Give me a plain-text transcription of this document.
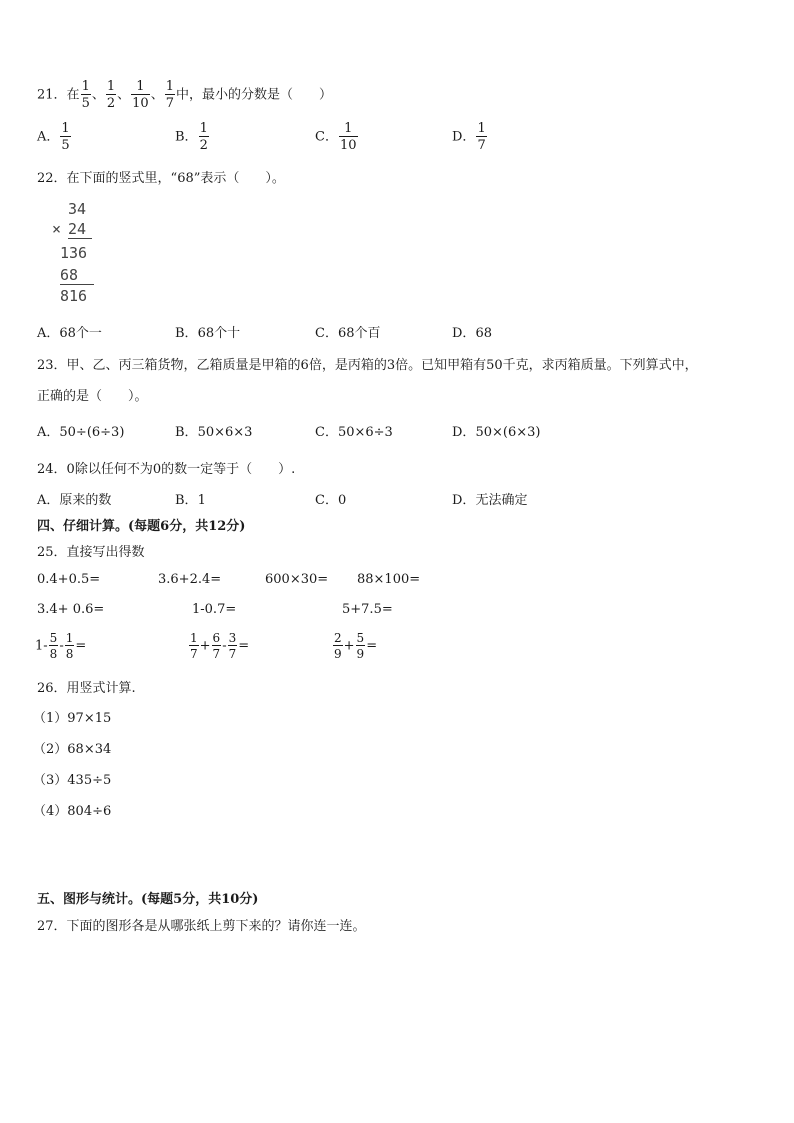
21．在 $\frac{1}{5}$ 、 $\frac{1}{2}$ 、 $\frac{1}{10}$ 、 $\frac{1}{7}$ 中，最小的分数是（　　）
A． $\frac{1}{5}$	B． $\frac{1}{2}$	C． $\frac{1}{10}$	D． $\frac{1}{7}$
22．在下面的竖式里，“68”表示（　　）。
34
× 24
136
68
816
A．68个一	B．68个十	C．68个百	D．68
23．甲、乙、丙三箱货物，乙箱质量是甲箱的6倍，是丙箱的3倍。已知甲箱有50千克，求丙箱质量。下列算式中，
正确的是（　　）。
A．50÷(6÷3)	B．50×6×3	C．50×6÷3	D．50×(6×3)
24．0除以任何不为0的数一定等于（　　）.
A．原来的数	B．1	C．0	D．无法确定
四、仔细计算。(每题6分，共12分)
25．直接写出得数
0.4+0.5=	3.6+2.4=	600×30= 88×100=
3.4+ 0.6=	1-0.7=	5+7.5=
$1- \frac{5}{8} - \frac{1}{8}$ =	$\frac{1}{7} + \frac{6}{7} - \frac{3}{7}$ =	$\frac{2}{9} + \frac{5}{9}$ =
26．用竖式计算.
（1）97×15
（2）68×34
（3）435÷5
（4）804÷6
五、图形与统计。(每题5分，共10分)
27．下面的图形各是从哪张纸上剪下来的？请你连一连。
